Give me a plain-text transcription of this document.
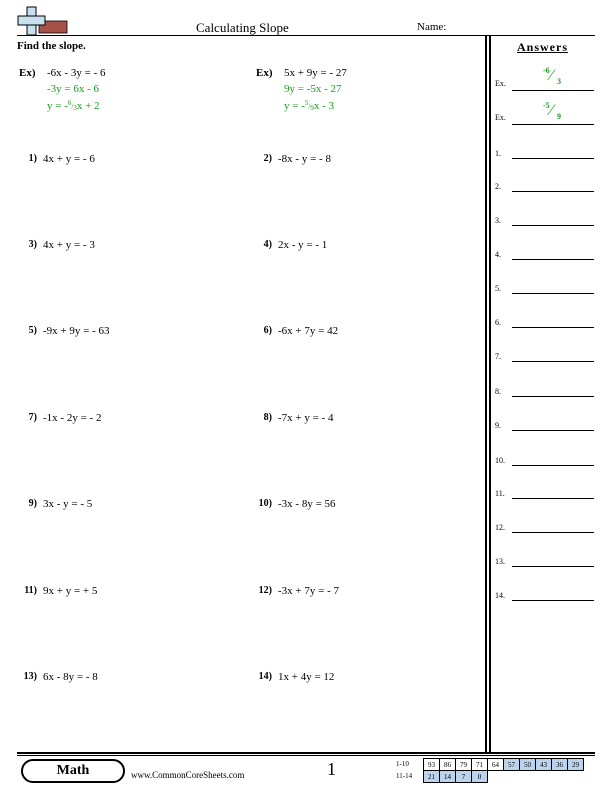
Calculating Slope	Name:
Find the slope.
Ex) -6x - 3y = - 6
-3y = 6x - 6
$y = -^6/_3x + 2$
Ex) 5x + 9y = - 27
9y = -5x - 27
$y = -^5/_9x - 3$
1) 4x + y = - 6	2) -8x - y = - 8
3) 4x + y = - 3	4) 2x - y = - 1
5) -9x + 9y = - 63	6) -6x + 7y = 42
7) -1x - 2y = - 2	8) -7x + y = - 4
9) 3x - y = - 5	10) -3x - 8y = 56
11) 9x + y = + 5	12) -3x + 7y = - 7
13) 6x - 8y = - 8	14) 1x + 4y = 12
Answers
Ex.
-6 ⁄ 3
Ex.
-5 ⁄ 9
1.
2.
3.
4.
5.
6.
7.
8.
9.
10.
11.
12.
13.
14.
Math	www.CommonCoreSheets.com	1	1-10
11-14
93	86	79	71	64	57	50	43	36	29
21	14	7	0						
